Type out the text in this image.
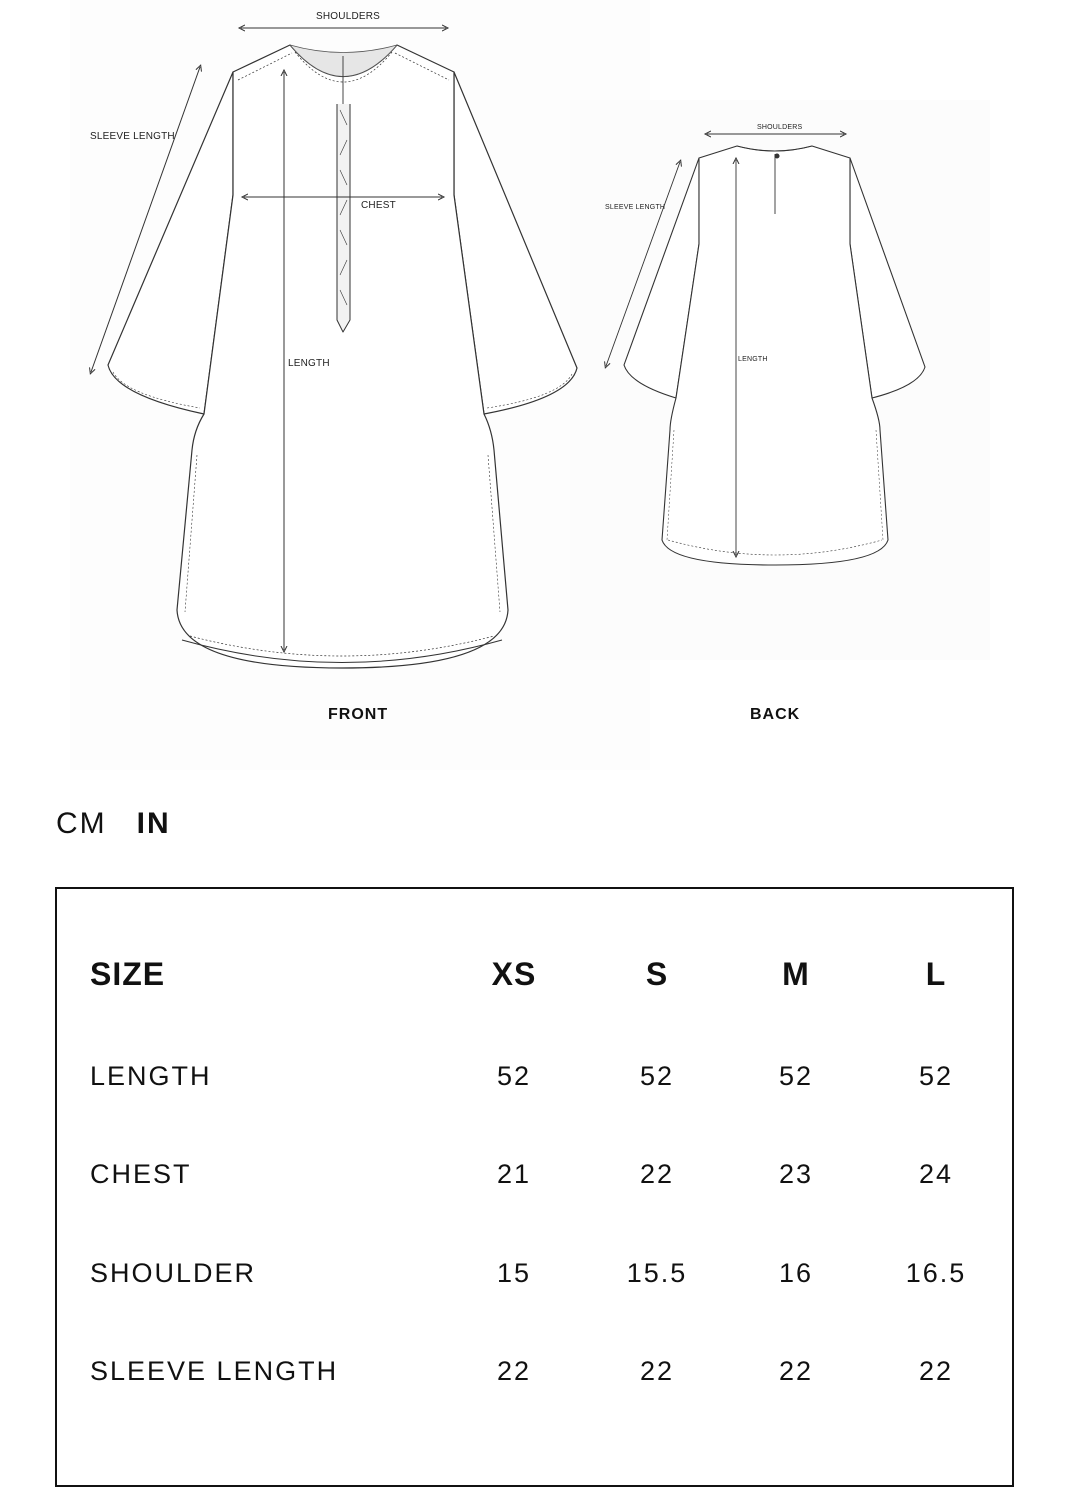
SHOULDERS
SLEEVE LENGTH
CHEST
LENGTH
FRONT
SHOULDERS
SLEEVE LENGTH
LENGTH
BACK
CM IN
SIZE	XS	S	M	L
LENGTH	52	52	52	52
CHEST	21	22	23	24
SHOULDER	15	15.5	16	16.5
SLEEVE LENGTH	22	22	22	22
